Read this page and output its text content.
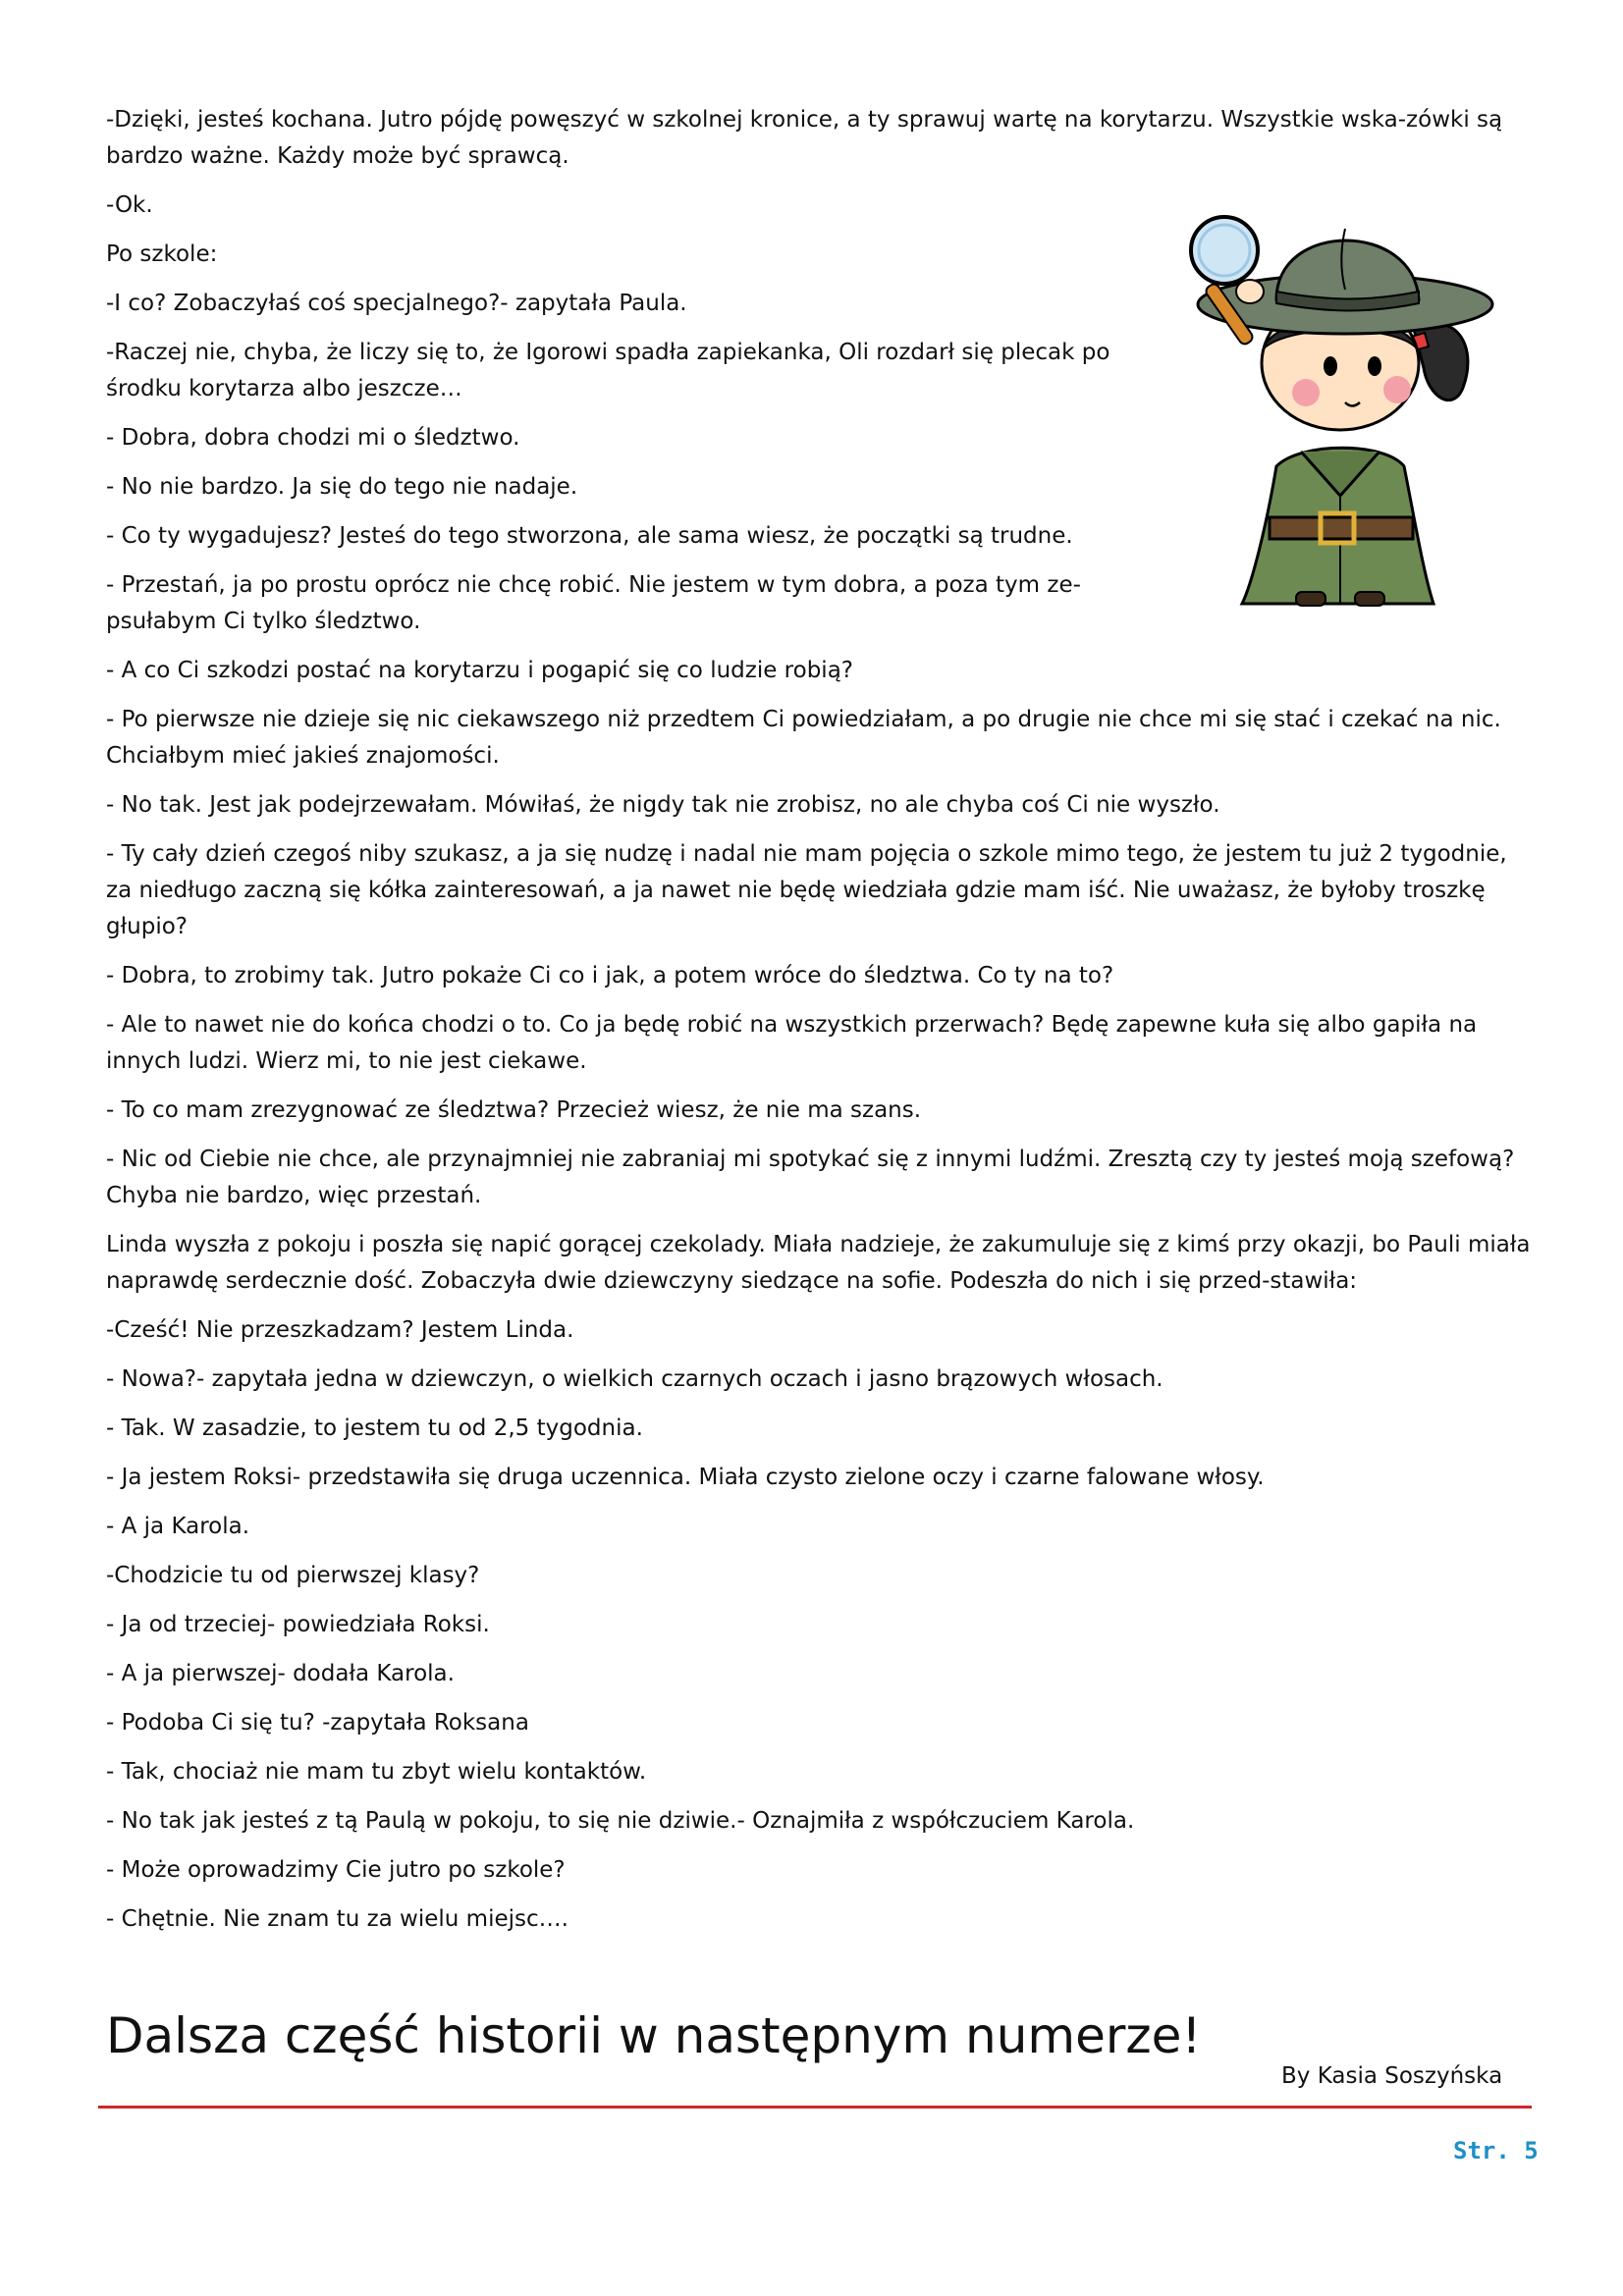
-Dzięki, jesteś kochana. Jutro pójdę powęszyć w szkolnej kronice, a ty sprawuj wartę na korytarzu. Wszystkie wska-zówki są bardzo ważne. Każdy może być sprawcą.

-Ok.

Po szkole:

-I co? Zobaczyłaś coś specjalnego?- zapytała Paula.

-Raczej nie, chyba, że liczy się to, że Igorowi spadła zapiekanka, Oli rozdarł się plecak po środku korytarza albo jeszcze…

- Dobra, dobra chodzi mi o śledztwo.

- No nie bardzo. Ja się do tego nie nadaje.

- Co ty wygadujesz? Jesteś do tego stworzona, ale sama wiesz, że początki są trudne.

- Przestań, ja po prostu oprócz nie chcę robić. Nie jestem w tym dobra, a poza tym ze-psułabym Ci tylko śledztwo.

- A co Ci szkodzi postać na korytarzu i pogapić się co ludzie robią?

- Po pierwsze nie dzieje się nic ciekawszego niż przedtem Ci powiedziałam, a po drugie nie chce mi się stać i czekać na nic. Chciałbym mieć jakieś znajomości.

- No tak. Jest jak podejrzewałam. Mówiłaś, że nigdy tak nie zrobisz, no ale chyba coś Ci nie wyszło.

- Ty cały dzień czegoś niby szukasz, a ja się nudzę i nadal nie mam pojęcia o szkole mimo tego, że jestem tu już 2 tygodnie, za niedługo zaczną się kółka zainteresowań, a ja nawet nie będę wiedziała gdzie mam iść. Nie uważasz, że byłoby troszkę głupio?

- Dobra, to zrobimy tak. Jutro pokaże Ci co i jak, a potem wróce do śledztwa. Co ty na to?

- Ale to nawet nie do końca chodzi o to. Co ja będę robić na wszystkich przerwach? Będę zapewne kuła się albo gapiła na innych ludzi. Wierz mi, to nie jest ciekawe.

- To co mam zrezygnować ze śledztwa? Przecież wiesz, że nie ma szans.

- Nic od Ciebie nie chce, ale przynajmniej nie zabraniaj mi spotykać się z innymi ludźmi. Zresztą czy ty jesteś moją szefową? Chyba nie bardzo, więc przestań.

Linda wyszła z pokoju i poszła się napić gorącej czekolady. Miała nadzieje, że zakumuluje się z kimś przy okazji, bo Pauli miała naprawdę serdecznie dość. Zobaczyła dwie dziewczyny siedzące na sofie. Podeszła do nich i się przed-stawiła:

-Cześć! Nie przeszkadzam? Jestem Linda.

- Nowa?- zapytała jedna w dziewczyn, o wielkich czarnych oczach i jasno brązowych włosach.

- Tak. W zasadzie, to jestem tu od 2,5 tygodnia.

- Ja jestem Roksi- przedstawiła się druga uczennica. Miała czysto zielone oczy i czarne falowane włosy.

- A ja Karola.

-Chodzicie tu od pierwszej klasy?

- Ja od trzeciej- powiedziała Roksi.

- A ja pierwszej- dodała Karola.

- Podoba Ci się tu? -zapytała Roksana

- Tak, chociaż nie mam tu zbyt wielu kontaktów.

- No tak jak jesteś z tą Paulą w pokoju, to się nie dziwie.- Oznajmiła z współczuciem Karola.

- Może oprowadzimy Cie jutro po szkole?

- Chętnie. Nie znam tu za wielu miejsc….

Dalsza część historii w następnym numerze!
By Kasia Soszyńska
Str. 5
